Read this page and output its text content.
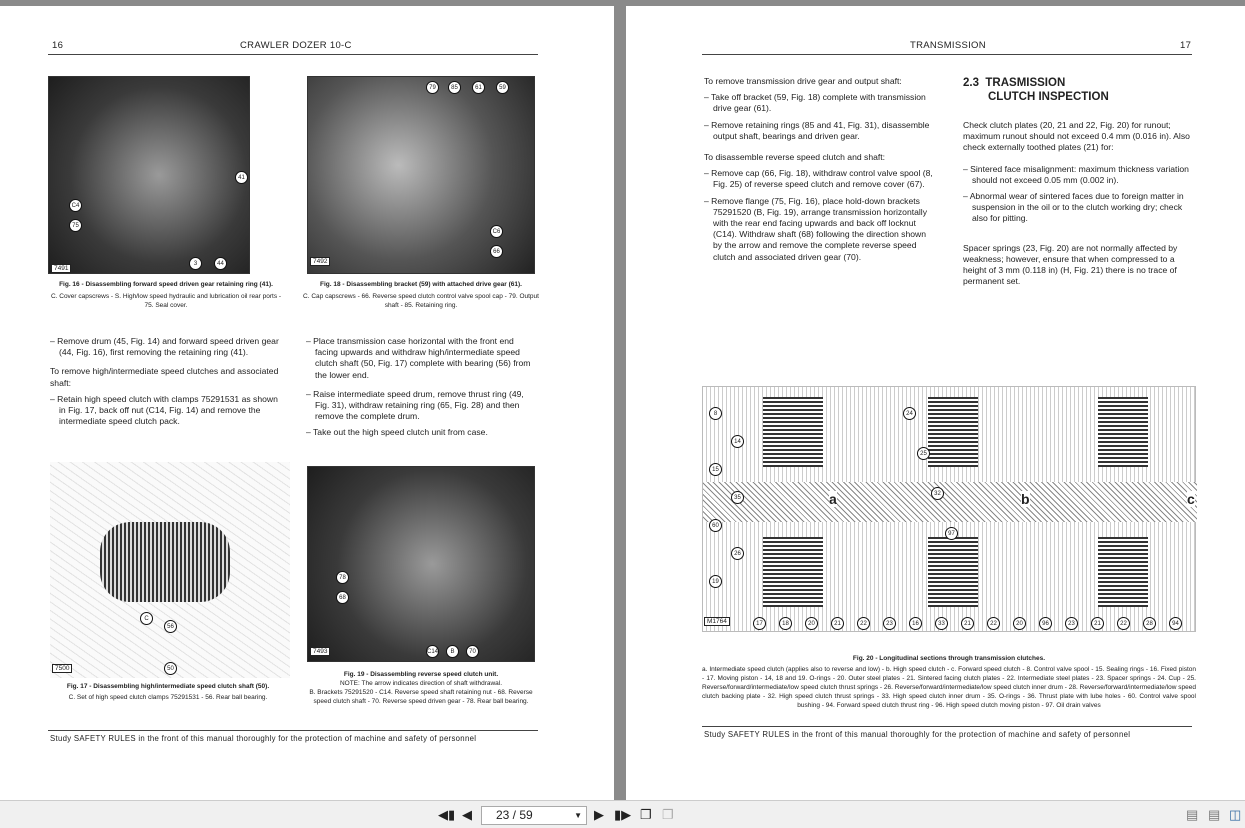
16	CRAWLER DOZER 10-C
C4
75
41
3	44
7491
Fig. 16 - Disassembling forward speed driven gear retaining ring (41).
C. Cover capscrews - S. High/low speed hydraulic and lubrication oil rear ports - 75. Seal cover.
79	85	61	59
C6
66
7492
Fig. 18 - Disassembling bracket (59) with attached drive gear (61).
C. Cap capscrews - 66. Reverse speed clutch control valve spool cap - 79. Output shaft - 85. Retaining ring.

– Remove drum (45, Fig. 14) and forward speed driven gear (44, Fig. 16), first removing the retaining ring (41).

To remove high/intermediate speed clutches and associated shaft:

– Retain high speed clutch with clamps 75291531 as shown in Fig. 17, back off nut (C14, Fig. 14) and remove the intermediate speed clutch pack.

– Place transmission case horizontal with the front end facing upwards and withdraw high/intermediate speed clutch shaft (50, Fig. 17) complete with bearing (56) from the lower end.

– Raise intermediate speed drum, remove thrust ring (49, Fig. 31), withdraw retaining ring (65, Fig. 28) and then remove the complete drum.

– Take out the high speed clutch unit from case.

C
56
50
7500
Fig. 17 - Disassembling high/intermediate speed clutch shaft (50).
C. Set of high speed clutch clamps 75291531 - 56. Rear ball bearing.
78
68
C14	B	70
7493
Fig. 19 - Disassembling reverse speed clutch unit.
NOTE: The arrow indicates direction of shaft withdrawal.
B. Brackets 75291520 - C14. Reverse speed shaft retaining nut - 68. Reverse speed clutch shaft - 70. Reverse speed driven gear - 78. Rear ball bearing.
Study SAFETY RULES in the front of this manual thoroughly for the protection of machine and safety of personnel
TRANSMISSION	17

To remove transmission drive gear and output shaft:

– Take off bracket (59, Fig. 18) complete with transmission drive gear (61).

– Remove retaining rings (85 and 41, Fig. 31), disassemble output shaft, bearings and driven gear.

To disassemble reverse speed clutch and shaft:

– Remove cap (66, Fig. 18), withdraw control valve spool (8, Fig. 25) of reverse speed clutch and remove cover (67).

– Remove flange (75, Fig. 16), place hold-down brackets 75291520 (B, Fig. 19), arrange transmission horizontally with the rear end facing upwards and back off locknut (C14). Withdraw shaft (68) following the direction shown by the arrow and remove the complete reverse speed clutch and associated driven gear (70).

2.3 TRASMISSION
CLUTCH INSPECTION

Check clutch plates (20, 21 and 22, Fig. 20) for runout; maximum runout should not exceed 0.4 mm (0.016 in). Also check externally toothed plates (21) for:

– Sintered face misalignment: maximum thickness variation should not exceed 0.05 mm (0.002 in).

– Abnormal wear of sintered faces due to foreign matter in suspension in the oil or to the clutch working dry; check also for pitting.

Spacer springs (23, Fig. 20) are not normally affected by weakness; however, ensure that when compressed to a height of 3 mm (0.118 in) (H, Fig. 21) there is no trace of permanent set.

a	b	c
M1764	17	18	20	21	22	23	16	33	21	22	20	96	23	21	22	28	94
8
14
15
35
60
26
19
24
25
32
97
Fig. 20 - Longitudinal sections through transmission clutches.
a. Intermediate speed clutch (applies also to reverse and low) - b. High speed clutch - c. Forward speed clutch - 8. Control valve spool - 15. Sealing rings - 16. Fixed piston - 17. Moving piston - 14, 18 and 19. O-rings - 20. Outer steel plates - 21. Sintered facing clutch plates - 22. Intermediate steel plates - 23. Spacer springs - 24. Cup - 25. Reverse/forward/intermediate/low speed clutch thrust springs - 26. Reverse/forward/intermediate/low speed clutch inner drum - 28. Reverse/forward/intermediate/low speed clutch backing plate - 32. High speed clutch thrust springs - 33. High speed clutch inner drum - 35. O-rings - 36. Thrust plate with lube holes - 60. Control valve spool bushing - 94. Forward speed clutch thrust ring - 96. High speed clutch moving piston - 97. Oil drain valves
Study SAFETY RULES in the front of this manual thoroughly for the protection of machine and safety of personnel
◀▮ ◀	23 / 59	▼ ▶ ▮▶ ❐ ❐	▤ ▤ ◫
